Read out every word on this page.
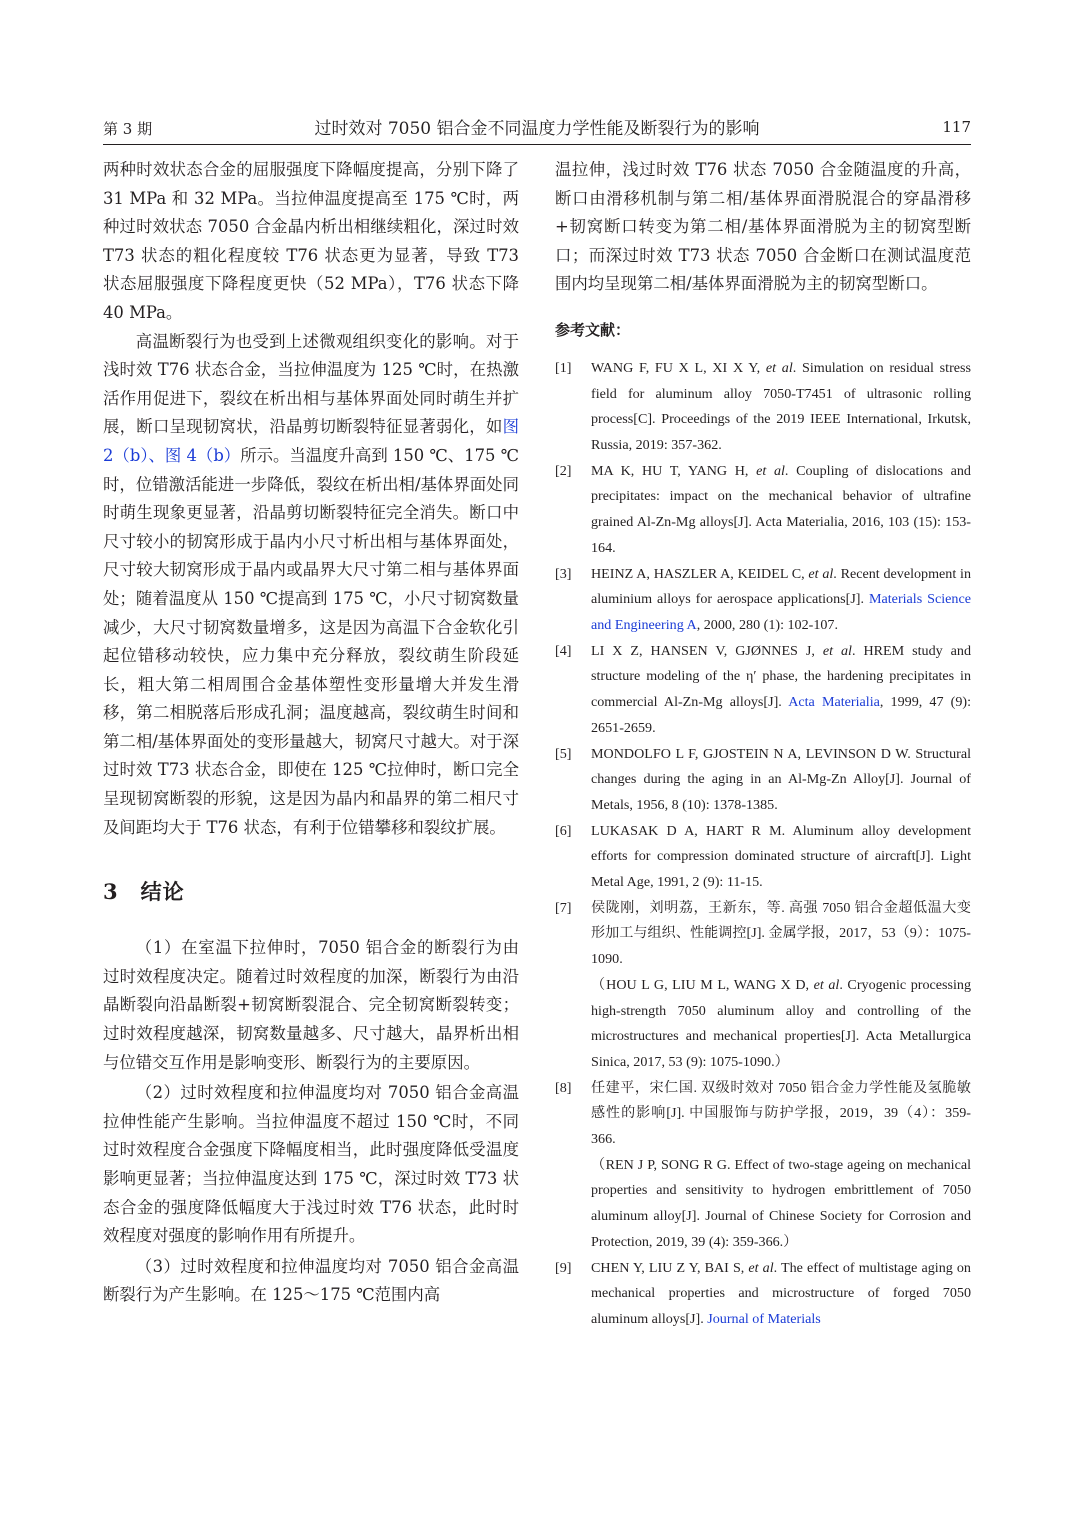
第 3 期	过时效对 7050 铝合金不同温度力学性能及断裂行为的影响	117

两种时效状态合金的屈服强度下降幅度提高，分别下降了 31 MPa 和 32 MPa。当拉伸温度提高至 175 ℃时，两种过时效状态 7050 合金晶内析出相继续粗化，深过时效 T73 状态的粗化程度较 T76 状态更为显著，导致 T73 状态屈服强度下降程度更快（52 MPa），T76 状态下降 40 MPa。

高温断裂行为也受到上述微观组织变化的影响。对于浅时效 T76 状态合金，当拉伸温度为 125 ℃时，在热激活作用促进下，裂纹在析出相与基体界面处同时萌生并扩展，断口呈现韧窝状，沿晶剪切断裂特征显著弱化，如图 2（b）、图 4（b）所示。当温度升高到 150 ℃、175 ℃时，位错激活能进一步降低，裂纹在析出相/基体界面处同时萌生现象更显著，沿晶剪切断裂特征完全消失。断口中尺寸较小的韧窝形成于晶内小尺寸析出相与基体界面处，尺寸较大韧窝形成于晶内或晶界大尺寸第二相与基体界面处；随着温度从 150 ℃提高到 175 ℃，小尺寸韧窝数量减少，大尺寸韧窝数量增多，这是因为高温下合金软化引起位错移动较快，应力集中充分释放，裂纹萌生阶段延长，粗大第二相周围合金基体塑性变形量增大并发生滑移，第二相脱落后形成孔洞；温度越高，裂纹萌生时间和第二相/基体界面处的变形量越大，韧窝尺寸越大。对于深过时效 T73 状态合金，即使在 125 ℃拉伸时，断口完全呈现韧窝断裂的形貌，这是因为晶内和晶界的第二相尺寸及间距均大于 T76 状态，有利于位错攀移和裂纹扩展。

3 结论

（1）在室温下拉伸时，7050 铝合金的断裂行为由过时效程度决定。随着过时效程度的加深，断裂行为由沿晶断裂向沿晶断裂+韧窝断裂混合、完全韧窝断裂转变；过时效程度越深，韧窝数量越多、尺寸越大，晶界析出相与位错交互作用是影响变形、断裂行为的主要原因。

（2）过时效程度和拉伸温度均对 7050 铝合金高温拉伸性能产生影响。当拉伸温度不超过 150 ℃时，不同过时效程度合金强度下降幅度相当，此时强度降低受温度影响更显著；当拉伸温度达到 175 ℃，深过时效 T73 状态合金的强度降低幅度大于浅过时效 T76 状态，此时时效程度对强度的影响作用有所提升。

（3）过时效程度和拉伸温度均对 7050 铝合金高温断裂行为产生影响。在 125～175 ℃范围内高

温拉伸，浅过时效 T76 状态 7050 合金随温度的升高，断口由滑移机制与第二相/基体界面滑脱混合的穿晶滑移+韧窝断口转变为第二相/基体界面滑脱为主的韧窝型断口；而深过时效 T73 状态 7050 合金断口在测试温度范围内均呈现第二相/基体界面滑脱为主的韧窝型断口。

参考文献：
[1] WANG F, FU X L, XI X Y, et al. Simulation on residual stress field for aluminum alloy 7050-T7451 of ultrasonic rolling process[C]. Proceedings of the 2019 IEEE International, Irkutsk, Russia, 2019: 357-362.
[2] MA K, HU T, YANG H, et al. Coupling of dislocations and precipitates: impact on the mechanical behavior of ultrafine grained Al-Zn-Mg alloys[J]. Acta Materialia, 2016, 103 (15): 153-164.
[3] HEINZ A, HASZLER A, KEIDEL C, et al. Recent development in aluminium alloys for aerospace applications[J]. Materials Science and Engineering A, 2000, 280 (1): 102-107.
[4] LI X Z, HANSEN V, GJØNNES J, et al. HREM study and structure modeling of the η′ phase, the hardening precipitates in commercial Al-Zn-Mg alloys[J]. Acta Materialia, 1999, 47 (9): 2651-2659.
[5] MONDOLFO L F, GJOSTEIN N A, LEVINSON D W. Structural changes during the aging in an Al-Mg-Zn Alloy[J]. Journal of Metals, 1956, 8 (10): 1378-1385.
[6] LUKASAK D A, HART R M. Aluminum alloy development efforts for compression dominated structure of aircraft[J]. Light Metal Age, 1991, 2 (9): 11-15.
[7] 侯陇刚，刘明荔，王新东，等. 高强 7050 铝合金超低温大变形加工与组织、性能调控[J]. 金属学报，2017，53（9）：1075-1090.
（HOU L G, LIU M L, WANG X D, et al. Cryogenic processing high-strength 7050 aluminum alloy and controlling of the microstructures and mechanical properties[J]. Acta Metallurgica Sinica, 2017, 53 (9): 1075-1090.）
[8] 任建平，宋仁国. 双级时效对 7050 铝合金力学性能及氢脆敏感性的影响[J]. 中国服饰与防护学报，2019，39（4）：359-366.
（REN J P, SONG R G. Effect of two-stage ageing on mechanical properties and sensitivity to hydrogen embrittlement of 7050 aluminum alloy[J]. Journal of Chinese Society for Corrosion and Protection, 2019, 39 (4): 359-366.）
[9] CHEN Y, LIU Z Y, BAI S, et al. The effect of multistage aging on mechanical properties and microstructure of forged 7050 aluminum alloys[J]. Journal of Materials
